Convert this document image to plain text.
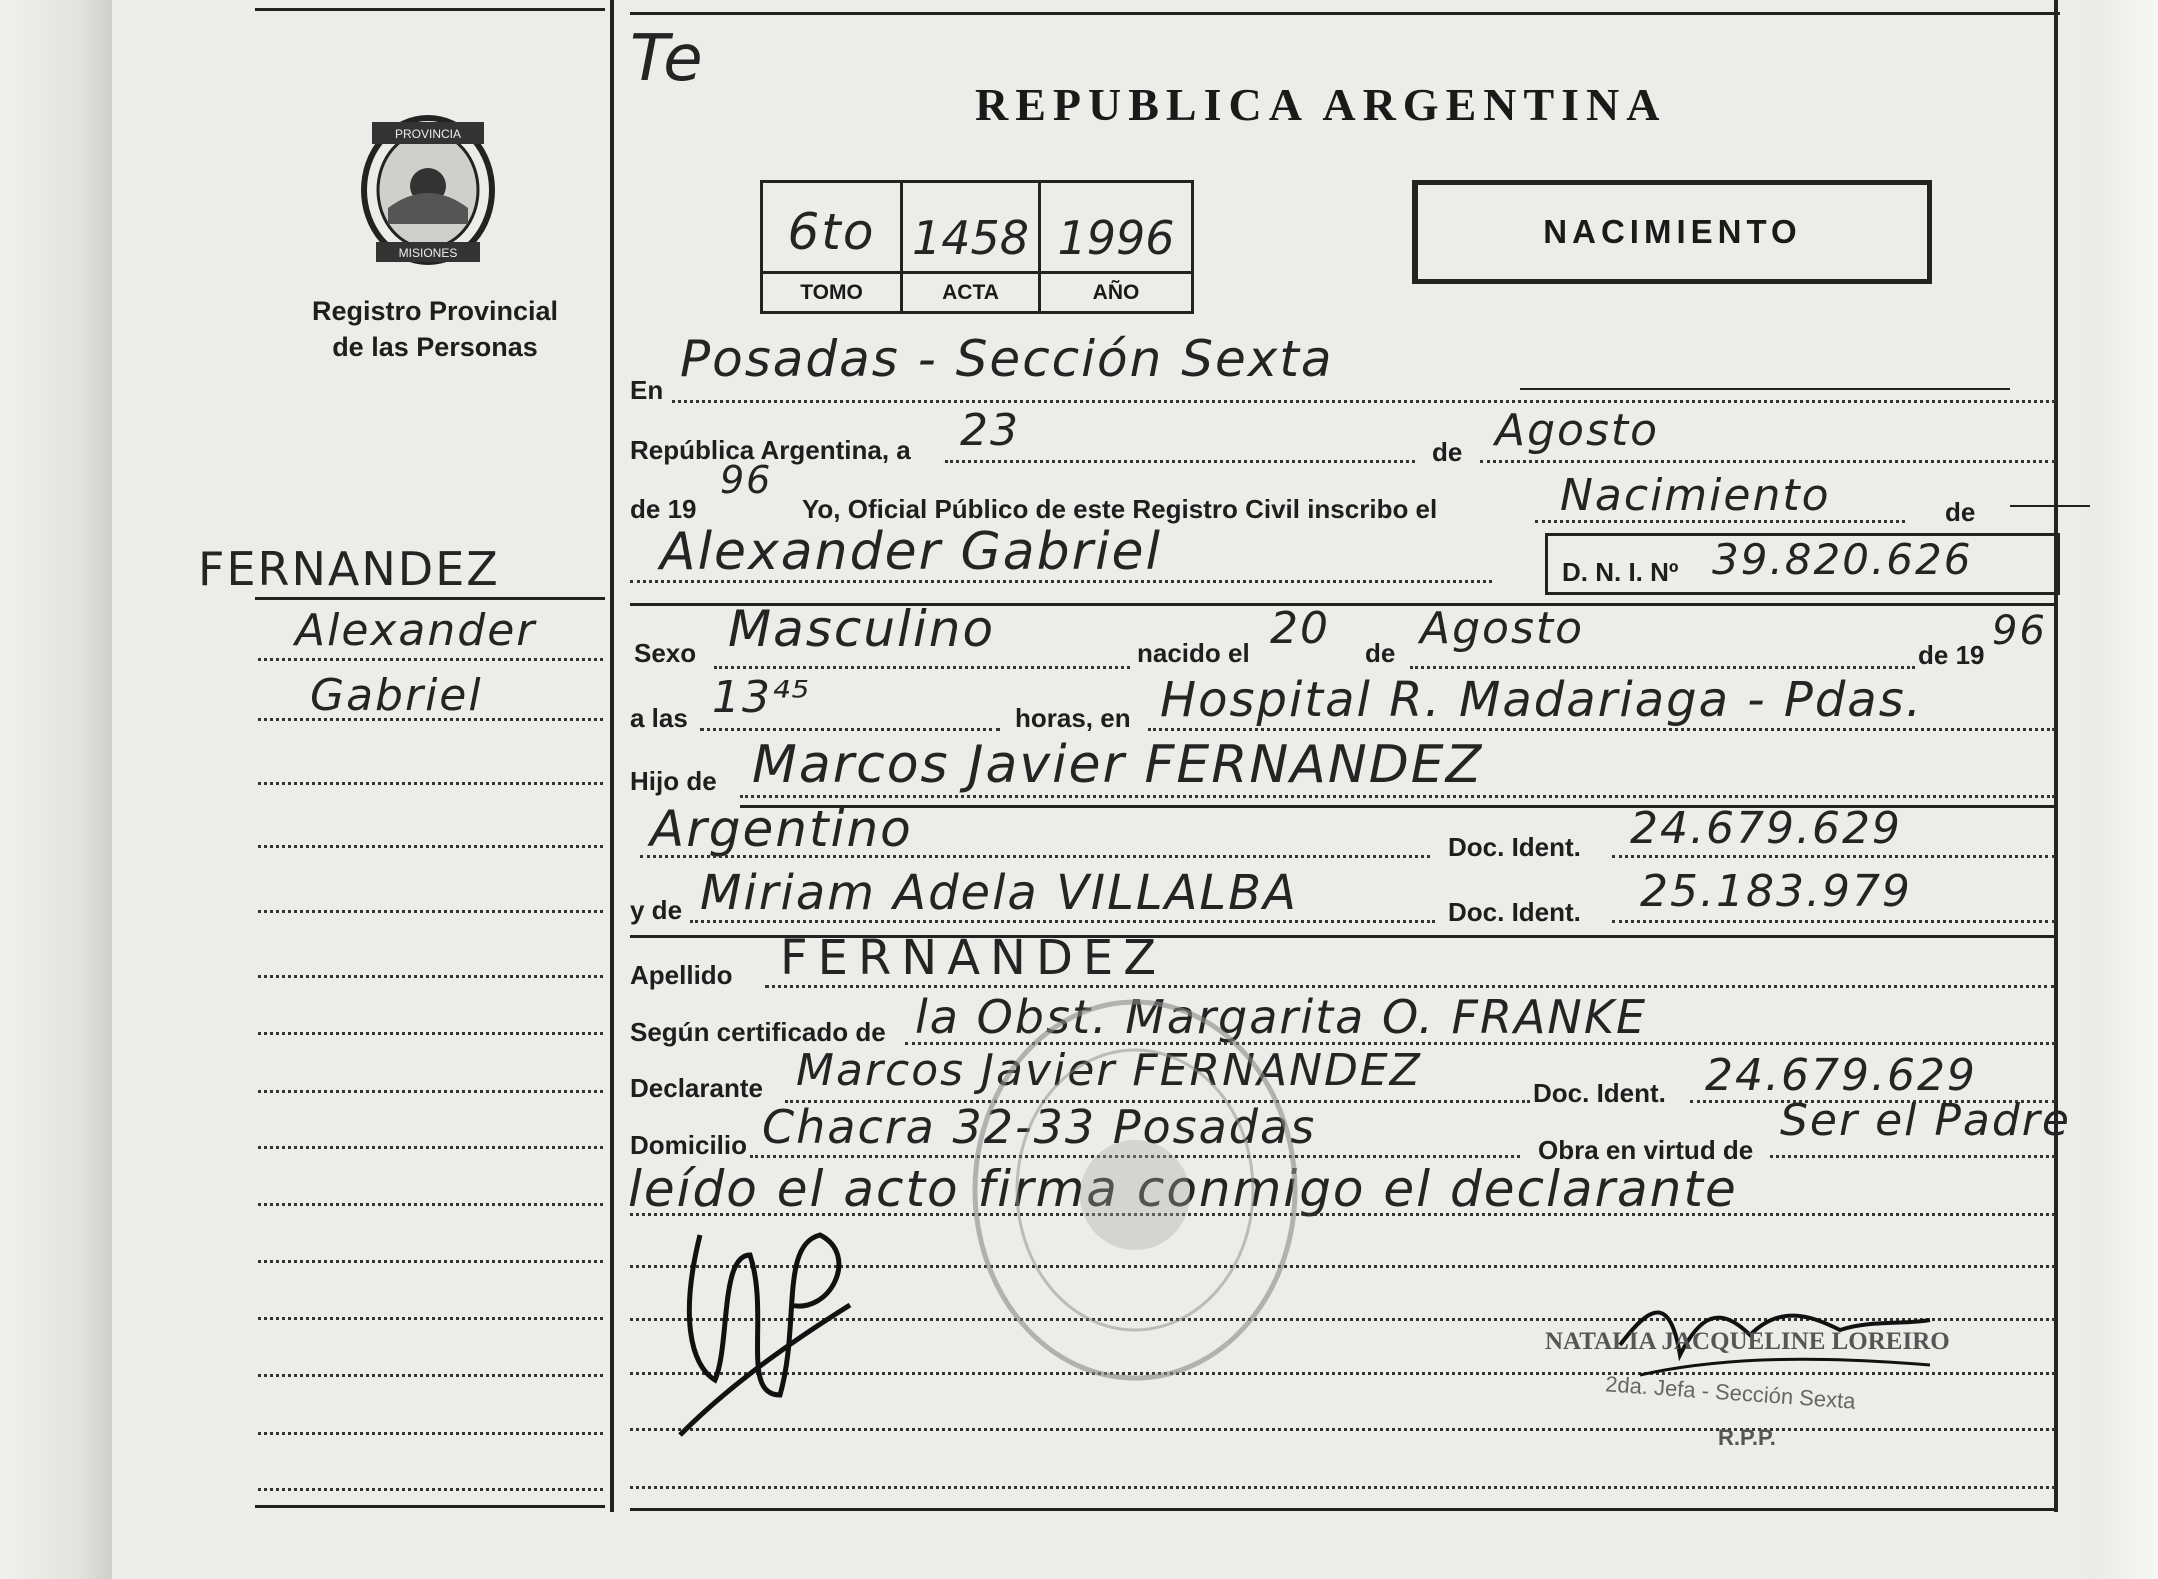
PROVINCIA
MISIONES
Registro Provincial
de las Personas
FERNANDEZ
Alexander
Gabriel
Te
REPUBLICA ARGENTINA
6to 1458 1996
TOMO	ACTA	AÑO
NACIMIENTO
En
Posadas - Sección Sexta
República Argentina, a 23	de Agosto
de 19
96
Yo, Oficial Público de este Registro Civil inscribo el	Nacimiento	de
Alexander Gabriel	D. N. I. Nº 39.820.626
Sexo Masculino	nacido el 20 de Agosto
de 19
96
a las 13⁴⁵	horas, en Hospital R. Madariaga - Pdas.
Hijo de Marcos Javier FERNANDEZ
Argentino	Doc. Ident. 24.679.629
y de Miriam Adela VILLALBA	Doc. Ident. 25.183.979
Apellido FERNANDEZ
Según certificado de la Obst. Margarita O. FRANKE
Declarante Marcos Javier FERNANDEZ	Doc. Ident. 24.679.629
Domicilio Chacra 32-33 Posadas	Obra en virtud de
Ser el Padre
leído el acto firma conmigo el declarante
NATALIA JACQUELINE LOREIRO
2da. Jefa - Sección Sexta
R.P.P.
